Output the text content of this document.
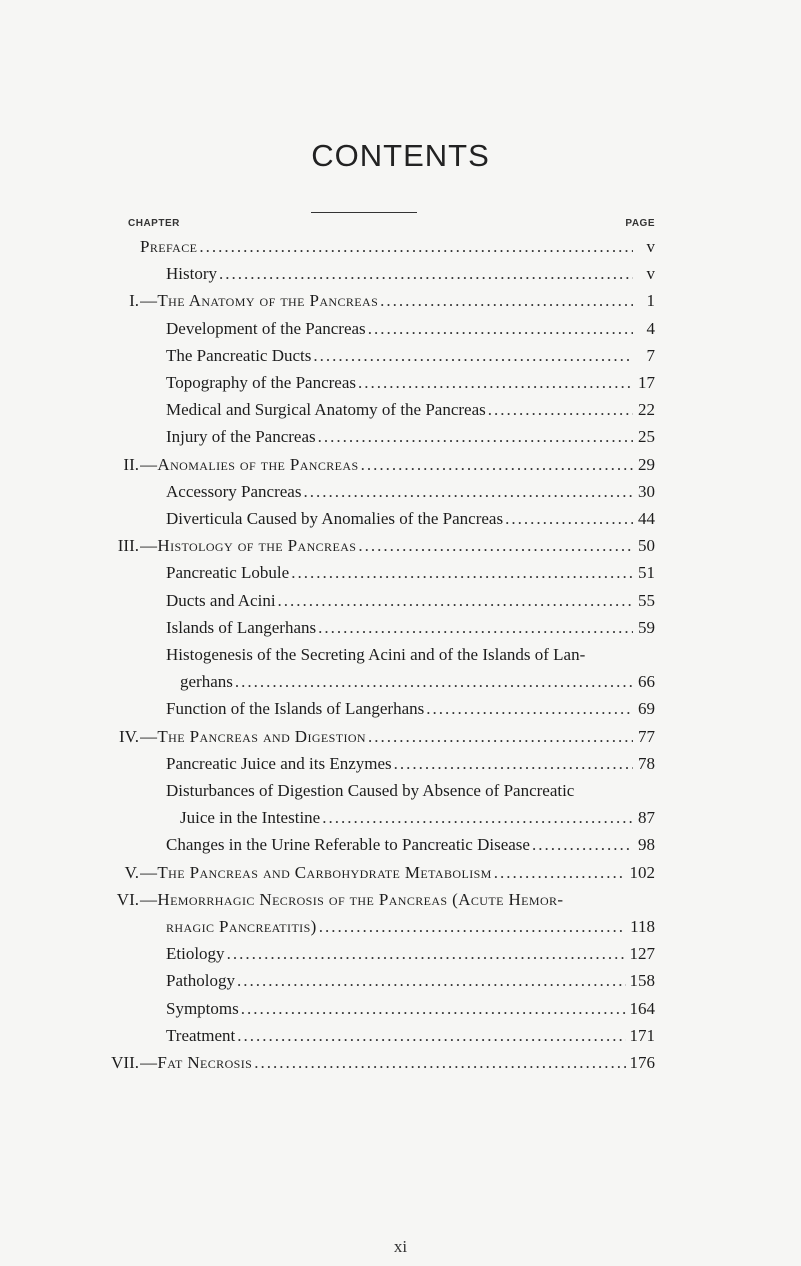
CONTENTS
CHAPTER	PAGE
Preface .....	v
History .....	v
I. —The Anatomy of the Pancreas .....	1
Development of the Pancreas .....	4
The Pancreatic Ducts .....	7
Topography of the Pancreas .....	17
Medical and Surgical Anatomy of the Pancreas .....	22
Injury of the Pancreas .....	25
II. —Anomalies of the Pancreas .....	29
Accessory Pancreas .....	30
Diverticula Caused by Anomalies of the Pancreas .....	44
III. —Histology of the Pancreas .....	50
Pancreatic Lobule .....	51
Ducts and Acini .....	55
Islands of Langerhans .....	59
Histogenesis of the Secreting Acini and of the Islands of Lan-
gerhans .....	66
Function of the Islands of Langerhans .....	69
IV. —The Pancreas and Digestion .....	77
Pancreatic Juice and its Enzymes .....	78
Disturbances of Digestion Caused by Absence of Pancreatic
Juice in the Intestine .....	87
Changes in the Urine Referable to Pancreatic Disease .....	98
V. —The Pancreas and Carbohydrate Metabolism .....	102
VI. —Hemorrhagic Necrosis of the Pancreas (Acute Hemor-
rhagic Pancreatitis) .....	118
Etiology .....	127
Pathology .....	158
Symptoms .....	164
Treatment .....	171
VII. —Fat Necrosis .....	176
xi
